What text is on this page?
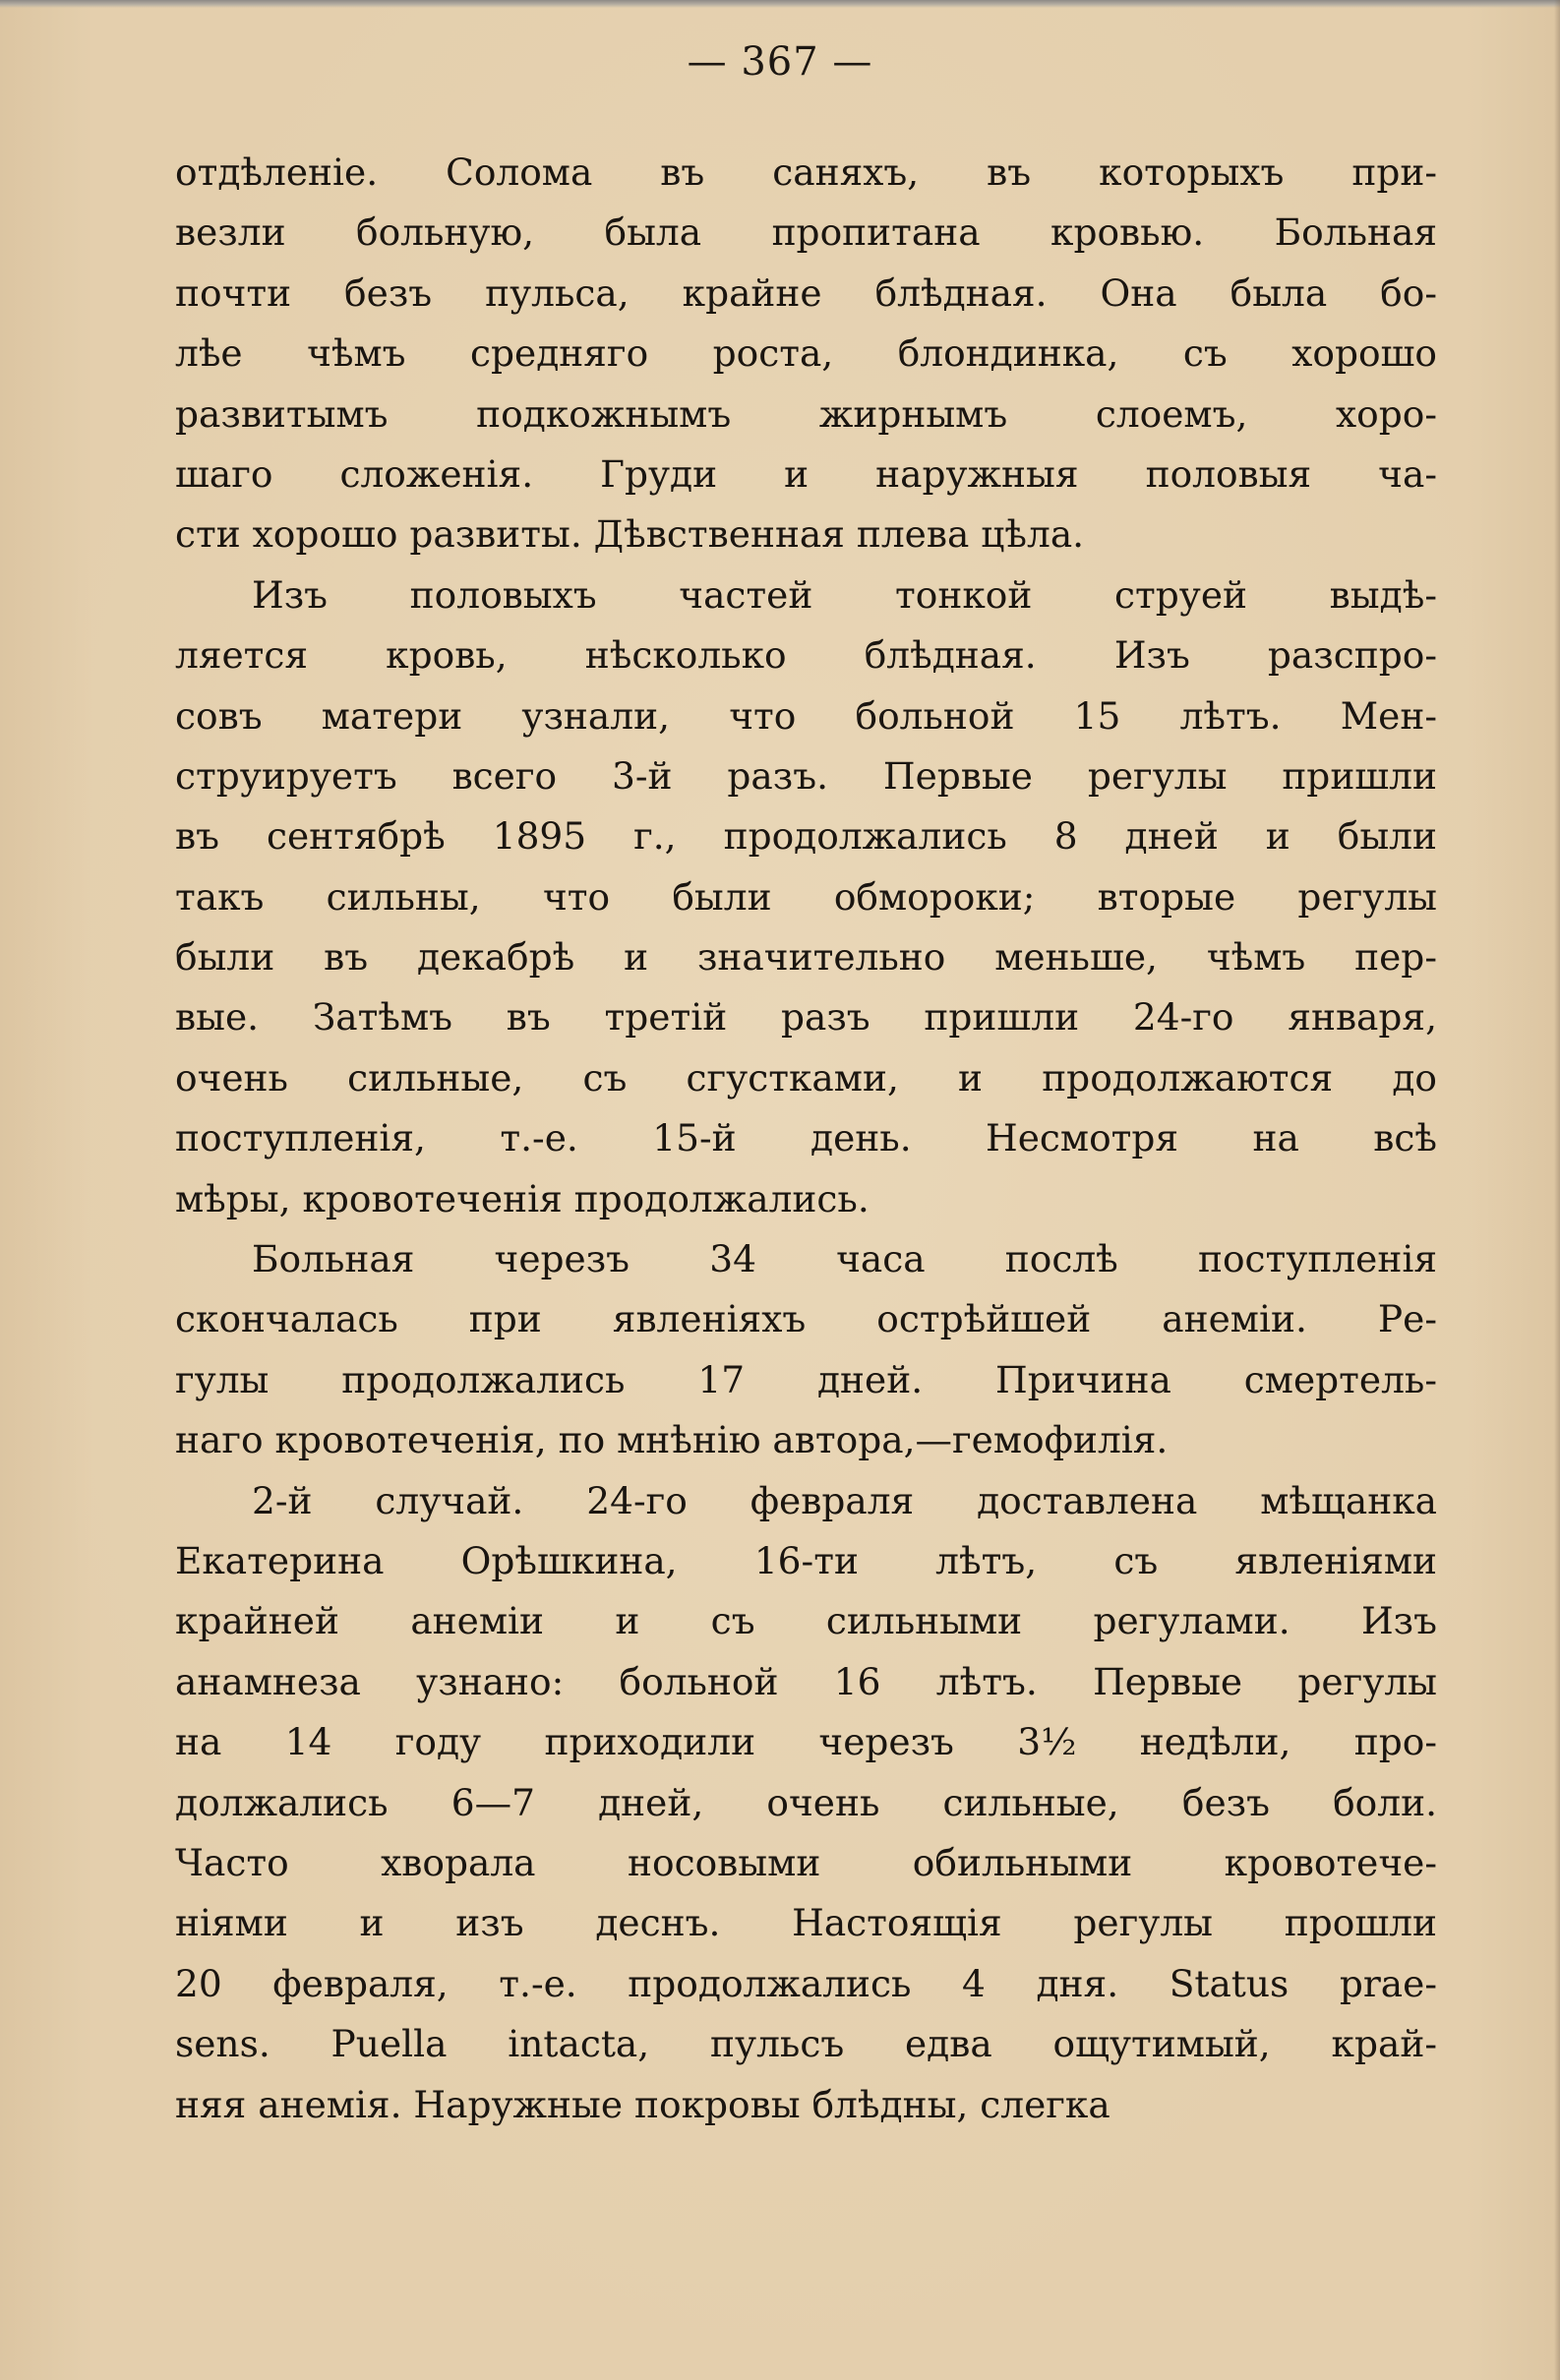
— 367 —
отдѣленіе. Солома въ саняхъ, въ которыхъ при-
везли больную, была пропитана кровью. Больная
почти безъ пульса, крайне блѣдная. Она была бо-
лѣе чѣмъ средняго роста, блондинка, съ хорошо
развитымъ подкожнымъ жирнымъ слоемъ, хоро-
шаго сложенія. Груди и наружныя половыя ча-
сти хорошо развиты. Дѣвственная плева цѣла.
Изъ половыхъ частей тонкой струей выдѣ-
ляется кровь, нѣсколько блѣдная. Изъ разспро-
совъ матери узнали, что больной 15 лѣтъ. Мен-
струируетъ всего 3-й разъ. Первые регулы пришли
въ сентябрѣ 1895 г., продолжались 8 дней и были
такъ сильны, что были обмороки; вторые регулы
были въ декабрѣ и значительно меньше, чѣмъ пер-
вые. Затѣмъ въ третій разъ пришли 24-го января,
очень сильные, съ сгустками, и продолжаются до
поступленія, т.-е. 15-й день. Несмотря на всѣ
мѣры, кровотеченія продолжались.
Больная черезъ 34 часа послѣ поступленія
скончалась при явленіяхъ острѣйшей анеміи. Ре-
гулы продолжались 17 дней. Причина смертель-
наго кровотеченія, по мнѣнію автора,—гемофилія.
2-й случай. 24-го февраля доставлена мѣщанка
Екатерина Орѣшкина, 16-ти лѣтъ, съ явленіями
крайней анеміи и съ сильными регулами. Изъ
анамнеза узнано: больной 16 лѣтъ. Первые регулы
на 14 году приходили черезъ 3½ недѣли, про-
должались 6—7 дней, очень сильные, безъ боли.
Часто хворала носовыми обильными кровотече-
ніями и изъ деснъ. Настоящія регулы прошли
20 февраля, т.-е. продолжались 4 дня. Status prae-
sens. Puella intacta, пульсъ едва ощутимый, край-
няя анемія. Наружные покровы блѣдны, слегка
